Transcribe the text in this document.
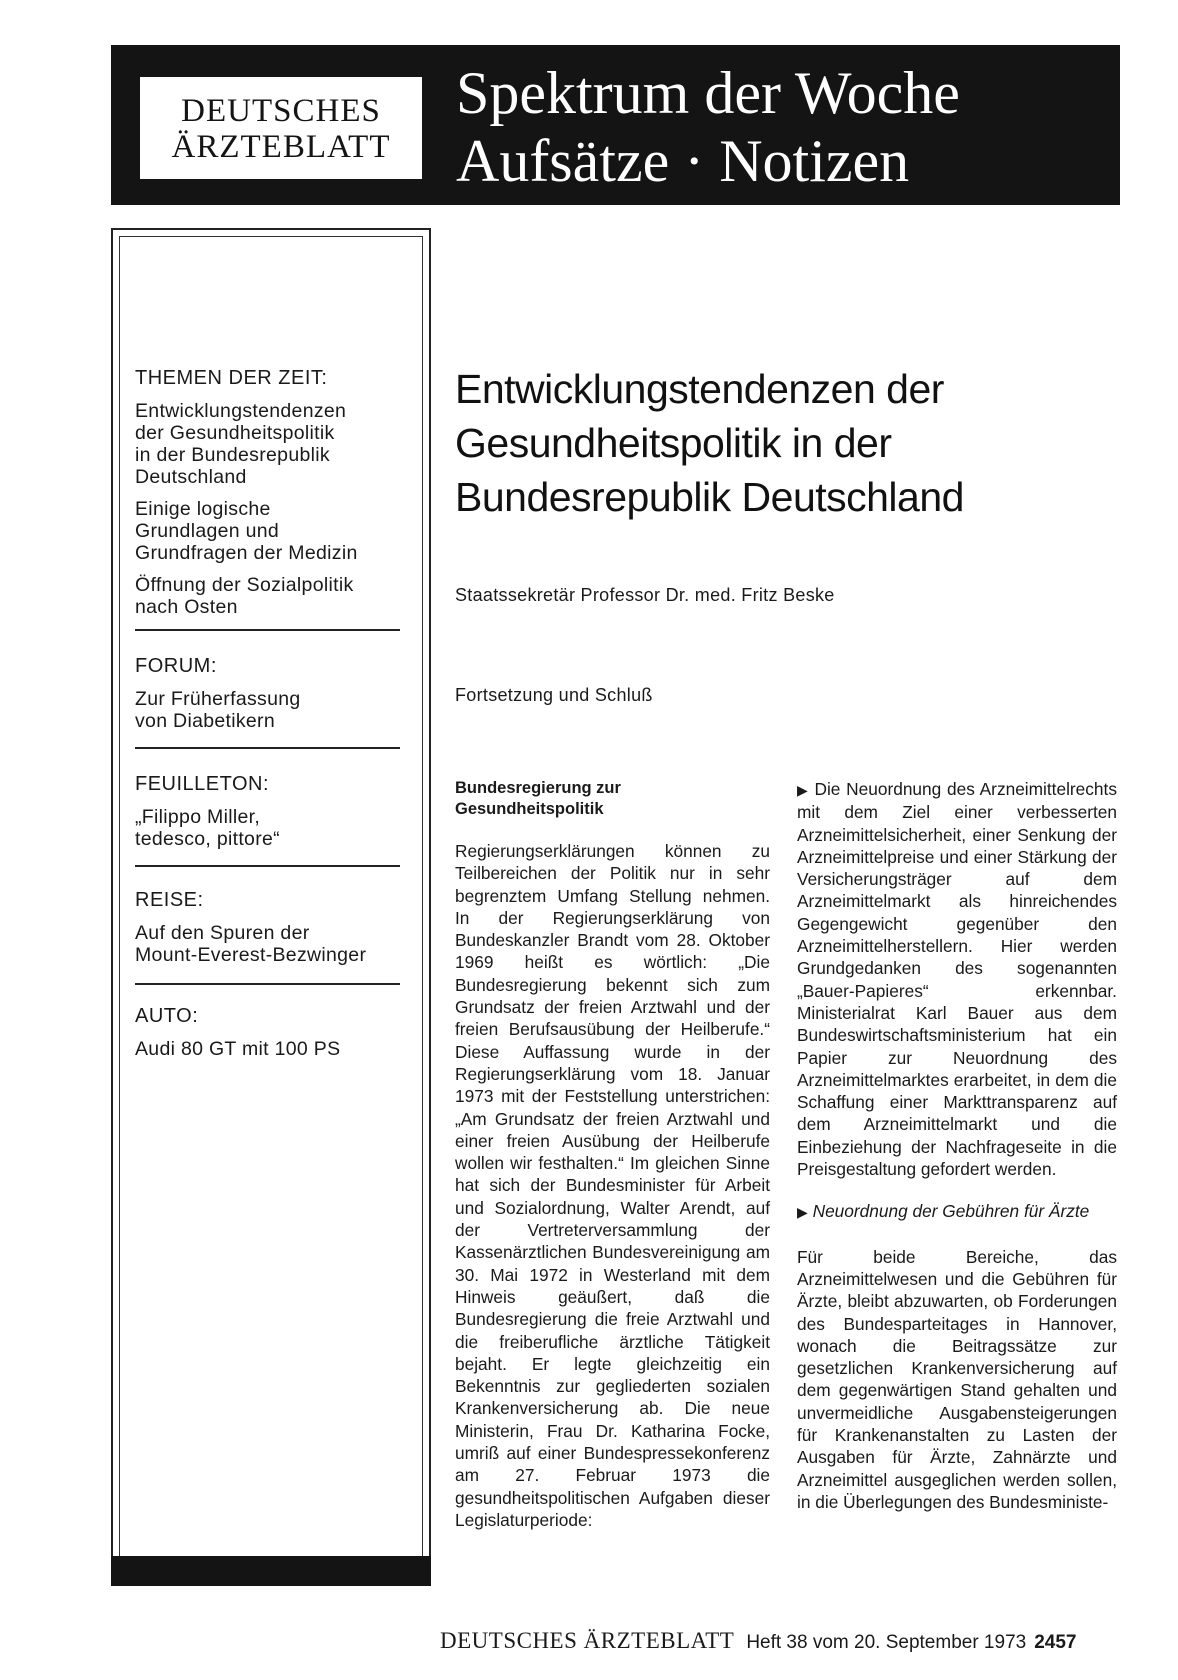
DEUTSCHES
ÄRZTEBLATT
Spektrum der Woche
Aufsätze · Notizen
THEMEN DER ZEIT:
Entwicklungstendenzen
der Gesundheitspolitik
in der Bundesrepublik
Deutschland
Einige logische
Grundlagen und
Grundfragen der Medizin
Öffnung der Sozialpolitik
nach Osten
FORUM:
Zur Früherfassung
von Diabetikern
FEUILLETON:
„Filippo Miller,
tedesco, pittore“
REISE:
Auf den Spuren der
Mount-Everest-Bezwinger
AUTO:
Audi 80 GT mit 100 PS
Entwicklungstendenzen der Gesundheitspolitik in der Bundesrepublik Deutschland
Staatssekretär Professor Dr. med. Fritz Beske
Fortsetzung und Schluß

Bundesregierung zur Gesundheitspolitik

Regierungserklärungen können zu Teilbereichen der Politik nur in sehr begrenztem Umfang Stellung nehmen. In der Regierungserklärung von Bundeskanzler Brandt vom 28. Oktober 1969 heißt es wörtlich: „Die Bundesregierung bekennt sich zum Grundsatz der freien Arztwahl und der freien Berufsausübung der Heilberufe.“ Diese Auffassung wurde in der Regierungserklärung vom 18. Januar 1973 mit der Feststellung unterstrichen: „Am Grundsatz der freien Arztwahl und einer freien Ausübung der Heilberufe wollen wir festhalten.“ Im gleichen Sinne hat sich der Bundesminister für Arbeit und Sozialordnung, Walter Arendt, auf der Vertreterversammlung der Kassenärztlichen Bundesvereinigung am 30. Mai 1972 in Westerland mit dem Hinweis geäußert, daß die Bundesregierung die freie Arztwahl und die freiberufliche ärztliche Tätigkeit bejaht. Er legte gleichzeitig ein Bekenntnis zur gegliederten sozialen Krankenversicherung ab. Die neue Ministerin, Frau Dr. Katharina Focke, umriß auf einer Bundespressekonferenz am 27. Februar 1973 die gesundheitspolitischen Aufgaben dieser Legislaturperiode:

▶ Die Neuordnung des Arzneimittelrechts mit dem Ziel einer verbesserten Arzneimittelsicherheit, einer Senkung der Arzneimittelpreise und einer Stärkung der Versicherungsträger auf dem Arzneimittelmarkt als hinreichendes Gegengewicht gegenüber den Arzneimittelherstellern. Hier werden Grundgedanken des sogenannten „Bauer-Papieres“ erkennbar. Ministerialrat Karl Bauer aus dem Bundeswirtschaftsministerium hat ein Papier zur Neuordnung des Arzneimittelmarktes erarbeitet, in dem die Schaffung einer Markttransparenz auf dem Arzneimittelmarkt und die Einbeziehung der Nachfrageseite in die Preisgestaltung gefordert werden.

▶ Neuordnung der Gebühren für Ärzte

Für beide Bereiche, das Arzneimittelwesen und die Gebühren für Ärzte, bleibt abzuwarten, ob Forderungen des Bundesparteitages in Hannover, wonach die Beitragssätze zur gesetzlichen Krankenversicherung auf dem gegenwärtigen Stand gehalten und unvermeidliche Ausgabensteigerungen für Krankenanstalten zu Lasten der Ausgaben für Ärzte, Zahnärzte und Arzneimittel ausgeglichen werden sollen, in die Überlegungen des Bundesministe-

DEUTSCHES ÄRZTEBLATT Heft 38 vom 20. September 1973 2457
